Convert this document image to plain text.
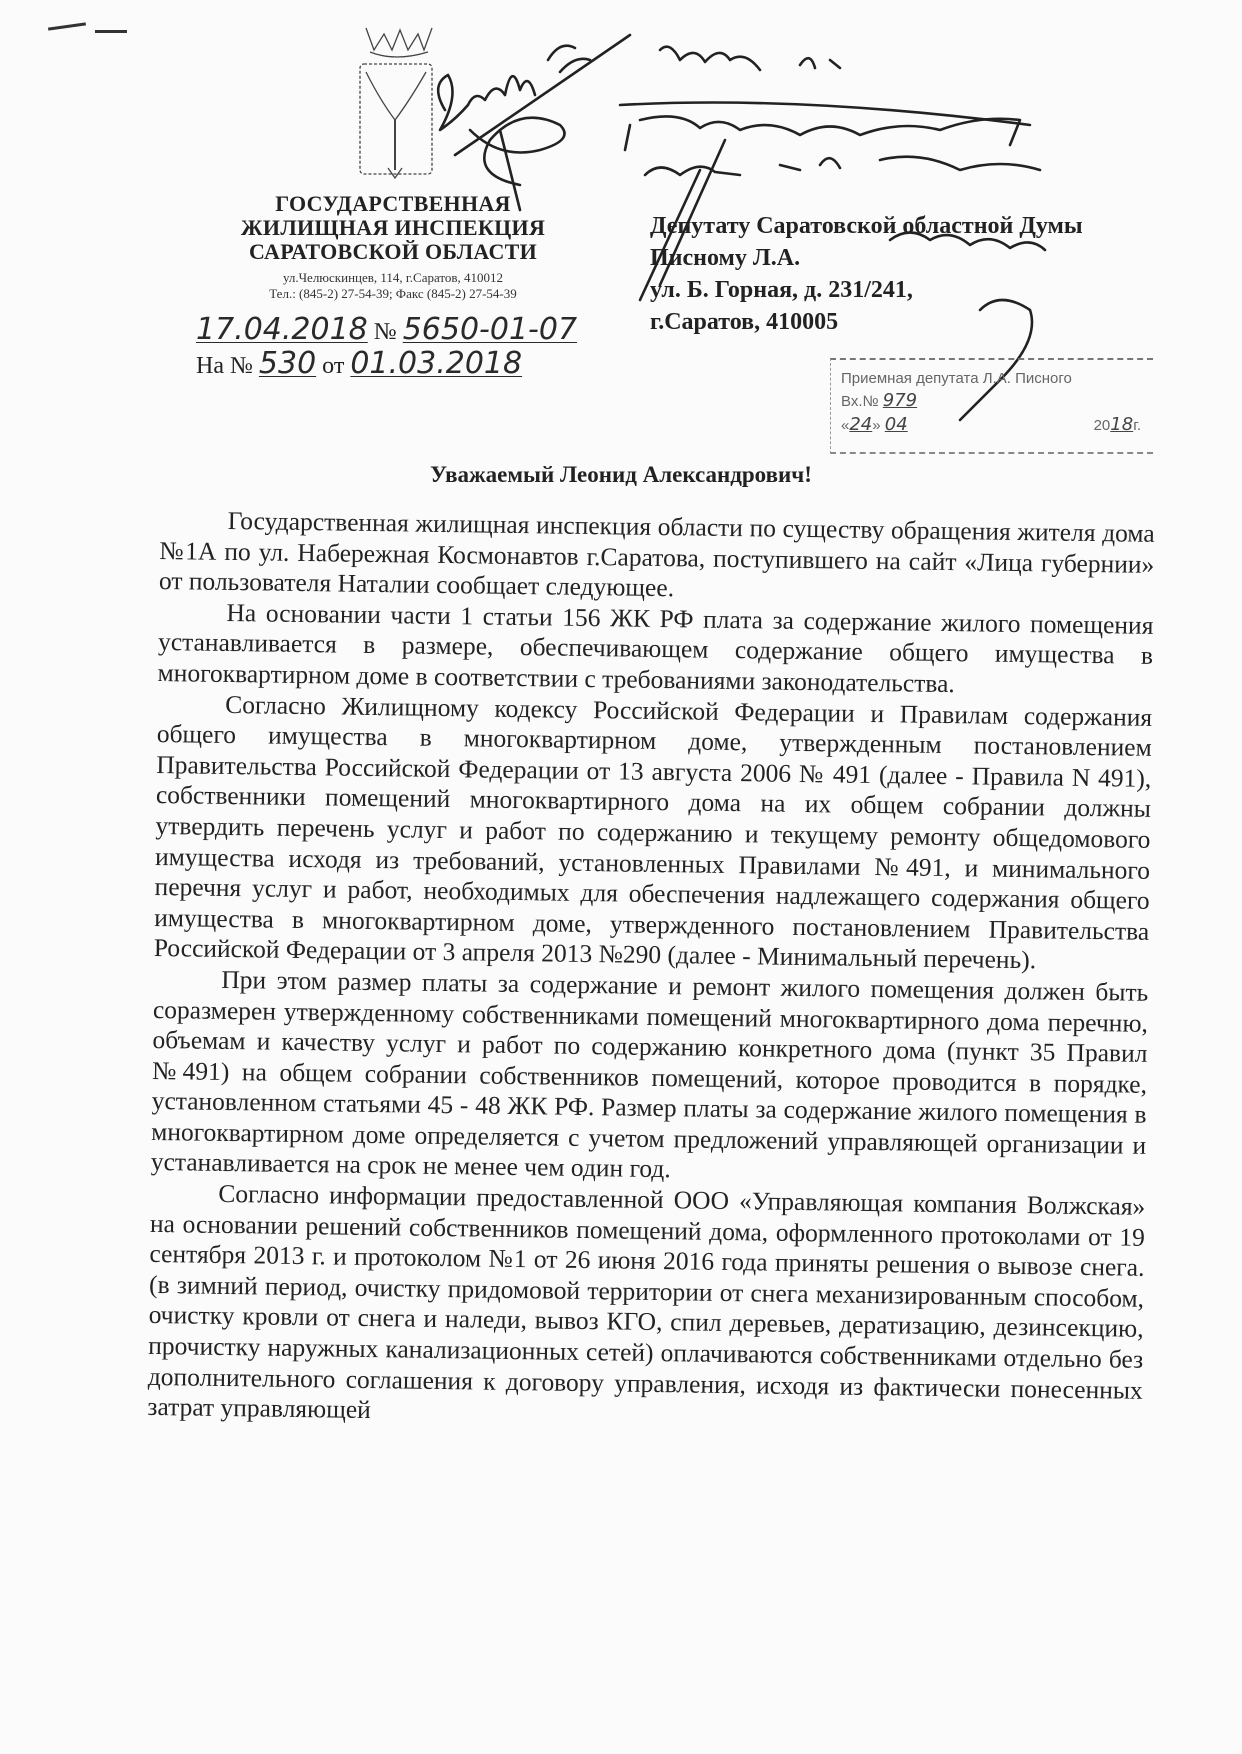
АС
ГОСУДАРСТВЕННАЯ
ЖИЛИЩНАЯ ИНСПЕКЦИЯ
САРАТОВСКОЙ ОБЛАСТИ
ул.Челюскинцев, 114, г.Саратов, 410012
Тел.: (845-2) 27-54-39; Факс (845-2) 27-54-39
17.04.2018 № 5650-01-07
На № 530 от 01.03.2018
Депутату Саратовской областной Думы
Писному Л.А.
ул. Б. Горная, д. 231/241,
г.Саратов, 410005
Приемная депутата Л.А. Писного
Вх.№ 979
«24» 04	2018г.
Уважаемый Леонид Александрович!

Государственная жилищная инспекция области по существу обращения жителя дома №1А по ул. Набережная Космонавтов г.Саратова, поступившего на сайт «Лица губернии» от пользователя Наталии сообщает следующее.

На основании части 1 статьи 156 ЖК РФ плата за содержание жилого помещения устанавливается в размере, обеспечивающем содержание общего имущества в многоквартирном доме в соответствии с требованиями законодательства.

Согласно Жилищному кодексу Российской Федерации и Правилам содержания общего имущества в многоквартирном доме, утвержденным постановлением Правительства Российской Федерации от 13 августа 2006 № 491 (далее - Правила N 491), собственники помещений многоквартирного дома на их общем собрании должны утвердить перечень услуг и работ по содержанию и текущему ремонту общедомового имущества исходя из требований, установленных Правилами №491, и минимального перечня услуг и работ, необходимых для обеспечения надлежащего содержания общего имущества в многоквартирном доме, утвержденного постановлением Правительства Российской Федерации от 3 апреля 2013 №290 (далее - Минимальный перечень).

При этом размер платы за содержание и ремонт жилого помещения должен быть соразмерен утвержденному собственниками помещений многоквартирного дома перечню, объемам и качеству услуг и работ по содержанию конкретного дома (пункт 35 Правил №491) на общем собрании собственников помещений, которое проводится в порядке, установленном статьями 45 - 48 ЖК РФ. Размер платы за содержание жилого помещения в многоквартирном доме определяется с учетом предложений управляющей организации и устанавливается на срок не менее чем один год.

Согласно информации предоставленной ООО «Управляющая компания Волжская» на основании решений собственников помещений дома, оформленного протоколами от 19 сентября 2013 г. и протоколом №1 от 26 июня 2016 года приняты решения о вывозе снега.(в зимний период, очистку придомовой территории от снега механизированным способом, очистку кровли от снега и наледи, вывоз КГО, спил деревьев, дератизацию, дезинсекцию, прочистку наружных канализационных сетей) оплачиваются собственниками отдельно без дополнительного соглашения к договору управления, исходя из фактически понесенных затрат управляющей
